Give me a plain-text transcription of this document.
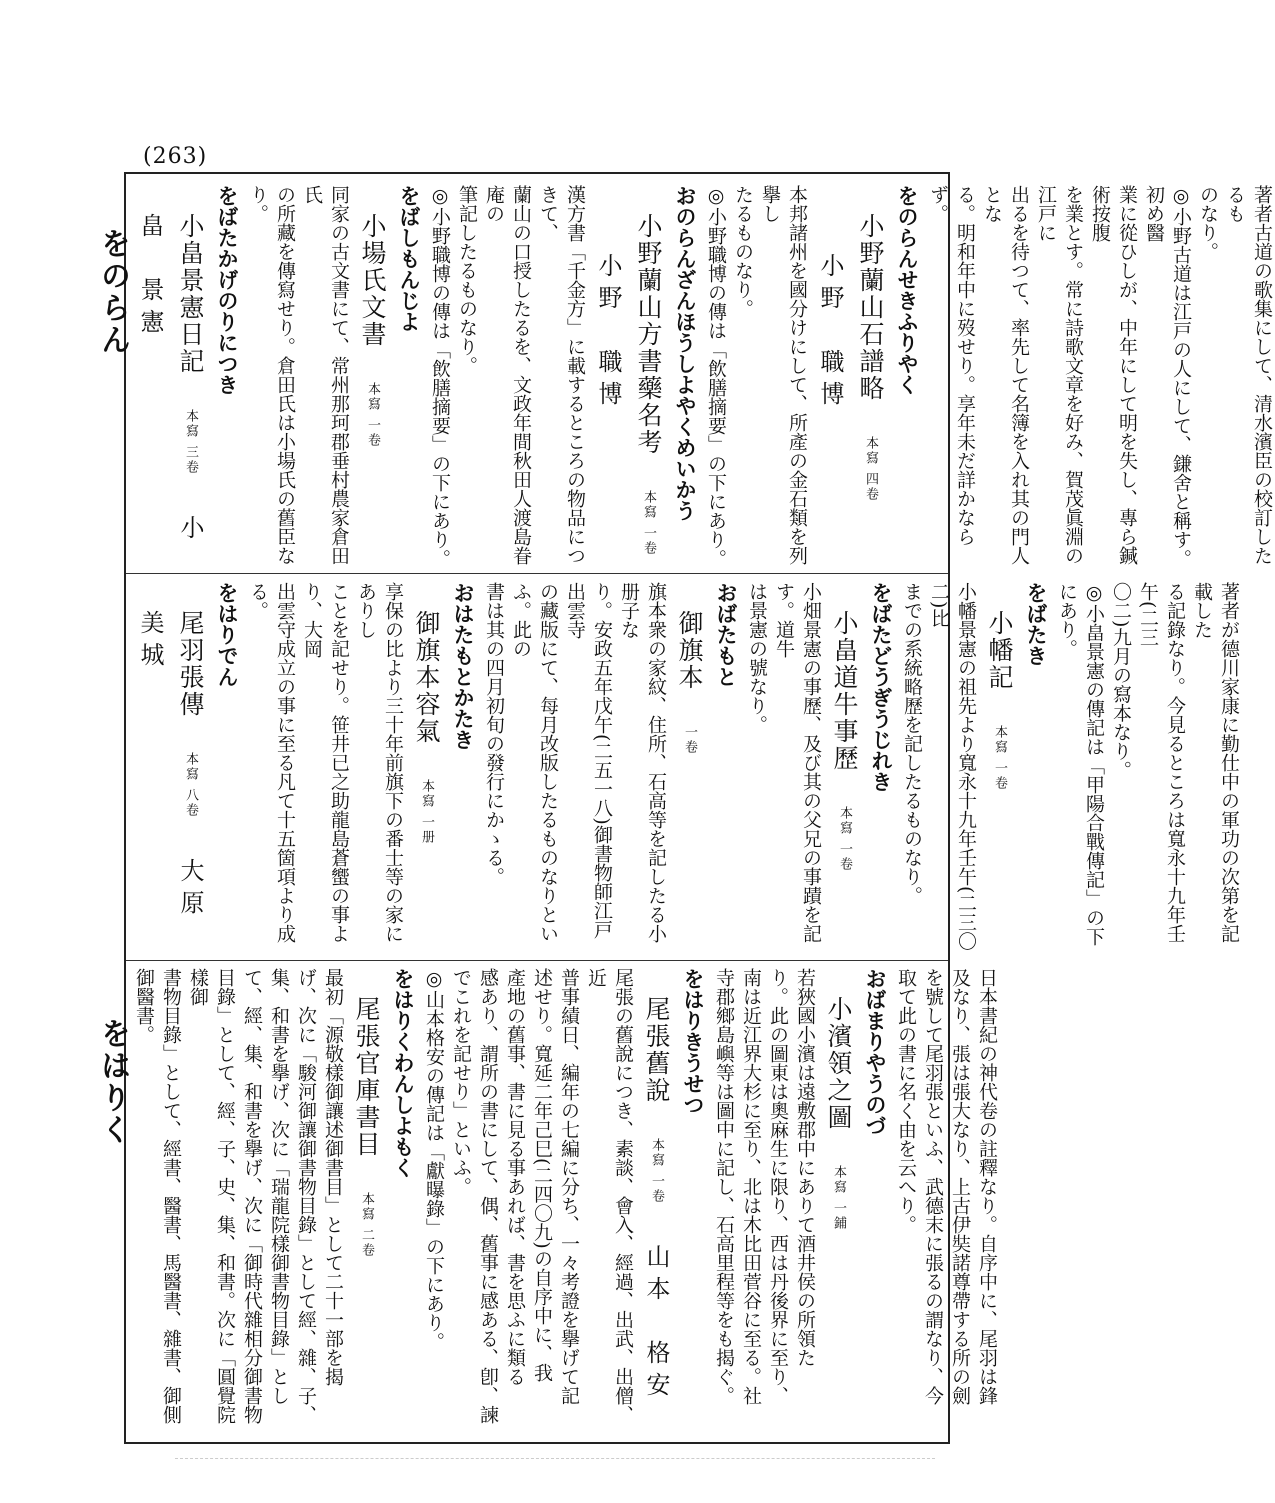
(263)
をのらん
をはりく
著者古道の歌集にして、清水濱臣の校訂したるも
のなり。
◎小野古道は江戸の人にして、鎌舍と稱す。初め醫
業に從ひしが、中年にして明を失し、專ら鍼術按腹
を業とす。常に詩歌文章を好み、賀茂眞淵の江戸に
出るを待つて、率先して名簿を入れ其の門人とな
る。明和年中に歿せり。享年未だ詳かならず。
をのらんせきふりやく
小野蘭山石譜略本寫 四卷小野　職博
本邦諸州を國分けにして、所產の金石類を列擧し
たるものなり。
◎小野職博の傳は「飲膳摘要」の下にあり。
おのらんざんほうしよやくめいかう
小野蘭山方書藥名考本寫 一卷小野　職博
漢方書「千金方」に載するところの物品につきて、
蘭山の口授したるを、文政年間秋田人渡島眷庵の
筆記したるものなり。
◎小野職博の傳は「飲膳摘要」の下にあり。
をばしもんじよ
小場氏文書本寫 一卷
同家の古文書にて、常州那珂郡垂村農家倉田氏
の所藏を傳寫せり。倉田氏は小場氏の舊臣なり。
をばたかげのりにつき
小畠景憲日記本寫 三卷小畠　景憲
著者が德川家康に勤仕中の軍功の次第を記載した
る記錄なり。今見るところは寬永十九年壬午(二三
〇二)九月の寫本なり。
◎小畠景憲の傳記は「甲陽合戰傳記」の下にあり。
をばたき
小幡記本寫 一卷
小幡景憲の祖先より寬永十九年壬午(二三〇二)比
までの系統略歷を記したるものなり。
をばたどうぎうじれき
小畠道牛事歷本寫 一卷
小畑景憲の事歷、及び其の父兄の事蹟を記す。道牛
は景憲の號なり。
おばたもと
御旗本一卷
旗本衆の家紋、住所、石高等を記したる小册子な
り。安政五年戊午(二五一八)御書物師江戸出雲寺
の藏版にて、每月改版したるものなりといふ。此の
書は其の四月初旬の發行にかゝる。
おはたもとかたき
御旗本容氣本寫 一册
享保の比より三十年前旗下の番士等の家にありし
ことを記せり。笹井已之助龍島蒼蠁の事より、大岡
出雲守成立の事に至る凡て十五箇項より成る。
をはりでん
尾羽張傳本寫 八卷大原　美城
日本書紀の神代卷の註釋なり。自序中に、尾羽は鋒
及なり、張は張大なり、上古伊奘諾尊帶する所の劍
を號して尾羽張といふ、武德末に張るの謂なり、今
取て此の書に名く由を云へり。
おばまりやうのづ
小濱領之圖本寫 一鋪
若狹國小濱は遠敷郡中にありて酒井侯の所領た
り。此の圖東は奧麻生に限り、西は丹後界に至り、
南は近江界大杉に至り、北は木比田菅谷に至る。社
寺郡鄉島嶼等は圖中に記し、石高里程等をも揭ぐ。
をはりきうせつ
尾張舊說本寫 一卷山本　格安
尾張の舊說につき、素談、會入、經過、出武、出僧、近
普事績日、編年の七編に分ち、一々考證を擧げて記
述せり。寬延二年己巳(二四〇九)の自序中に、我
產地の舊事、書に見る事あれば、書を思ふに類る
感あり、謂所の書にして、偶、舊事に感ある、卽、諫
でこれを記せり」といふ。
◎山本格安の傳記は「獻曝錄」の下にあり。
をはりくわんしよもく
尾張官庫書目本寫 二卷
最初「源敬樣御讓述御書目」として二十一部を揭
げ、次に「駿河御讓御書物目錄」として經、雜、子、
集、和書を擧げ、次に「瑞龍院樣御書物目錄」とし
て、經、集、和書を擧げ、次に「御時代雜相分御書物
目錄」として、經、子、史、集、和書。次に「圓覺院樣御
書物目錄」として、經書、醫書、馬醫書、雜書、御側御醫書。
